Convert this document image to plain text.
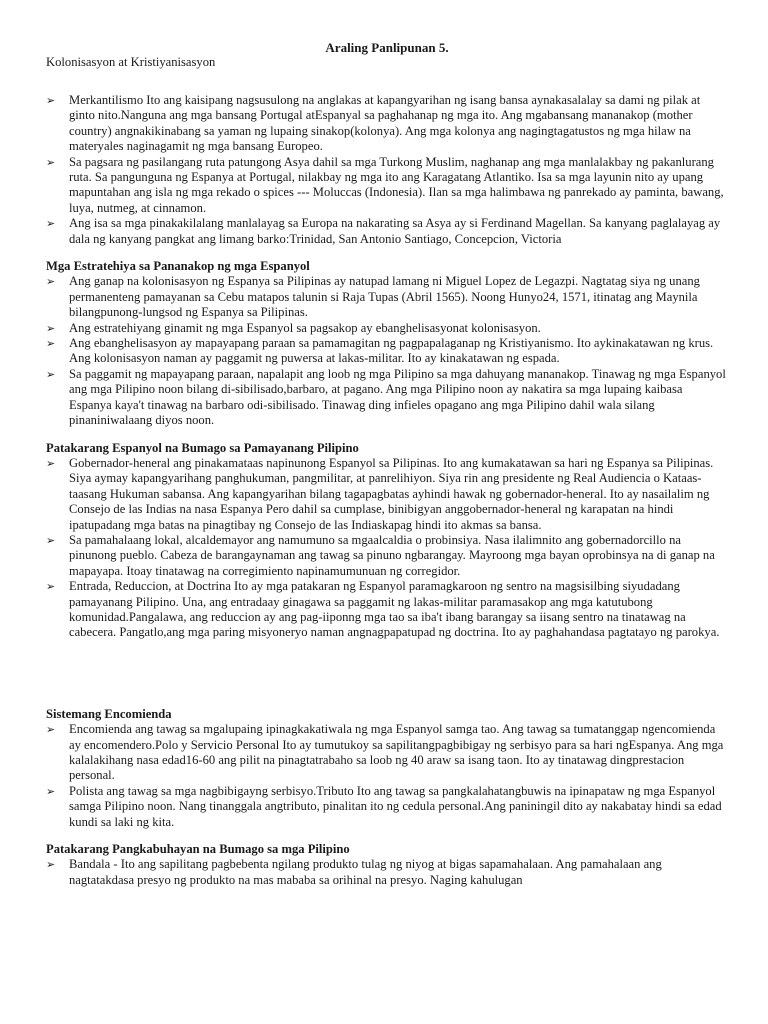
Araling Panlipunan 5.

Kolonisasyon at Kristiyanisasyon

➢ Merkantilismo Ito ang kaisipang nagsusulong na anglakas at kapangyarihan ng isang bansa aynakasalalay sa dami ng pilak at ginto nito.Nanguna ang mga bansang Portugal atEspanyal sa paghahanap ng mga ito. Ang mgabansang mananakop (mother country) angnakikinabang sa yaman ng lupaing sinakop(kolonya). Ang mga kolonya ang nagingtagatustos ng mga hilaw na materyales naginagamit ng mga bansang Europeo.
➢ Sa pagsara ng pasilangang ruta patungong Asya dahil sa mga Turkong Muslim, naghanap ang mga manlalakbay ng pakanlurang ruta. Sa pangunguna ng Espanya at Portugal, nilakbay ng mga ito ang Karagatang Atlantiko. Isa sa mga layunin nito ay upang mapuntahan ang isla ng mga rekado o spices --- Moluccas (Indonesia). Ilan sa mga halimbawa ng panrekado ay paminta, bawang, luya, nutmeg, at cinnamon.
➢ Ang isa sa mga pinakakilalang manlalayag sa Europa na nakarating sa Asya ay si Ferdinand Magellan. Sa kanyang paglalayag ay dala ng kanyang pangkat ang limang barko:Trinidad, San Antonio Santiago, Concepcion, Victoria

Mga Estratehiya sa Pananakop ng mga Espanyol

➢ Ang ganap na kolonisasyon ng Espanya sa Pilipinas ay natupad lamang ni Miguel Lopez de Legazpi. Nagtatag siya ng unang permanenteng pamayanan sa Cebu matapos talunin si Raja Tupas (Abril 1565). Noong Hunyo24, 1571, itinatag ang Maynila bilangpunong-lungsod ng Espanya sa Pilipinas.
➢ Ang estratehiyang ginamit ng mga Espanyol sa pagsakop ay ebanghelisasyonat kolonisasyon.
➢ Ang ebanghelisasyon ay mapayapang paraan sa pamamagitan ng pagpapalaganap ng Kristiyanismo. Ito aykinakatawan ng krus. Ang kolonisasyon naman ay paggamit ng puwersa at lakas-militar. Ito ay kinakatawan ng espada.
➢ Sa paggamit ng mapayapang paraan, napalapit ang loob ng mga Pilipino sa mga dahuyang mananakop. Tinawag ng mga Espanyol ang mga Pilipino noon bilang di-sibilisado,barbaro, at pagano. Ang mga Pilipino noon ay nakatira sa mga lupaing kaibasa Espanya kaya't tinawag na barbaro odi-sibilisado. Tinawag ding infieles opagano ang mga Pilipino dahil wala silang pinaniniwalaang diyos noon.

Patakarang Espanyol na Bumago sa Pamayanang Pilipino

➢ Gobernador-heneral ang pinakamataas napinunong Espanyol sa Pilipinas. Ito ang kumakatawan sa hari ng Espanya sa Pilipinas. Siya aymay kapangyarihang panghukuman, pangmilitar, at panrelihiyon. Siya rin ang presidente ng Real Audiencia o Kataas-taasang Hukuman sabansa. Ang kapangyarihan bilang tagapagbatas ayhindi hawak ng gobernador-heneral. Ito ay nasailalim ng Consejo de las Indias na nasa Espanya Pero dahil sa cumplase, binibigyan anggobernador-heneral ng karapatan na hindi ipatupadang mga batas na pinagtibay ng Consejo de las Indiaskapag hindi ito akmas sa bansa.
➢ Sa pamahalaang lokal, alcaldemayor ang namumuno sa mgaalcaldia o probinsiya. Nasa ilalimnito ang gobernadorcillo na pinunong pueblo. Cabeza de barangaynaman ang tawag sa pinuno ngbarangay. Mayroong mga bayan oprobinsya na di ganap na mapayapa. Itoay tinatawag na corregimiento napinamumunuan ng corregidor.
➢ Entrada, Reduccion, at Doctrina Ito ay mga patakaran ng Espanyol paramagkaroon ng sentro na magsisilbing siyudadang pamayanang Pilipino. Una, ang entradaay ginagawa sa paggamit ng lakas-militar paramasakop ang mga katutubong komunidad.Pangalawa, ang reduccion ay ang pag-iiponng mga tao sa iba't ibang barangay sa iisang sentro na tinatawag na cabecera. Pangatlo,ang mga paring misyoneryo naman angnagpapatupad ng doctrina. Ito ay paghahandasa pagtatayo ng parokya.

Sistemang Encomienda

➢ Encomienda ang tawag sa mgalupaing ipinagkakatiwala ng mga Espanyol samga tao. Ang tawag sa tumatanggap ngencomienda ay encomendero.Polo y Servicio Personal Ito ay tumutukoy sa sapilitangpagbibigay ng serbisyo para sa hari ngEspanya. Ang mga kalalakihang nasa edad16-60 ang pilit na pinagtatrabaho sa loob ng 40 araw sa isang taon. Ito ay tinatawag dingprestacion personal.
➢ Polista ang tawag sa mga nagbibigayng serbisyo.Tributo Ito ang tawag sa pangkalahatangbuwis na ipinapataw ng mga Espanyol samga Pilipino noon. Nang tinanggala angtributo, pinalitan ito ng cedula personal.Ang paniningil dito ay nakabatay hindi sa edad kundi sa laki ng kita.

Patakarang Pangkabuhayan na Bumago sa mga Pilipino

➢ Bandala - Ito ang sapilitang pagbebenta ngilang produkto tulag ng niyog at bigas sapamahalaan. Ang pamahalaan ang nagtatakdasa presyo ng produkto na mas mababa sa orihinal na presyo. Naging kahulugan
